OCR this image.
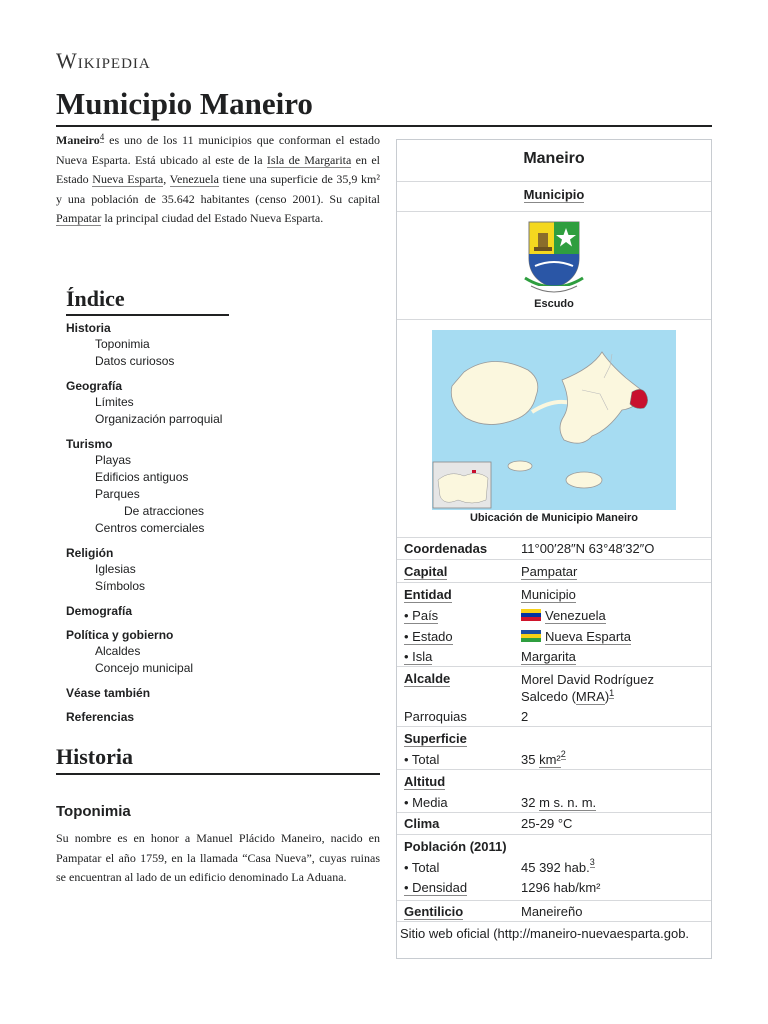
Wikipedia
Municipio Maneiro

Maneiro$^4$ es uno de los 11 municipios que conforman el estado Nueva Esparta. Está ubicado al este de la Isla de Margarita en el Estado Nueva Esparta, Venezuela tiene una superficie de 35,9 km² y una población de 35.642 habitantes (censo 2001). Su capital Pampatar la principal ciudad del Estado Nueva Esparta.

Índice
Historia
Toponimia
Datos curiosos
Geografía
Límites
Organización parroquial
Turismo
Playas
Edificios antiguos
Parques
De atracciones
Centros comerciales
Religión
Iglesias
Símbolos
Demografía
Política y gobierno
Alcaldes
Concejo municipal
Véase también
Referencias
Historia
Toponimia

Su nombre es en honor a Manuel Plácido Maneiro, nacido en Pampatar el año 1759, en la llamada “Casa Nueva”, cuyas ruinas se encuentran al lado de un edificio denominado La Aduana.

Maneiro
Municipio
Escudo
Ubicación de Municipio Maneiro
Coordenadas	11°00′28″N 63°48′32″O
Capital	Pampatar
Entidad	Municipio
• País	Venezuela
• Estado	Nueva Esparta
• Isla	Margarita
Alcalde	Morel David Rodríguez
Salcedo (MRA)$^1$
Parroquias	2
Superficie
• Total	35 km²$^2$
Altitud
• Media	32 m s. n. m.
Clima	25-29 °C
Población (2011)
• Total	45 392 hab.$^3$
• Densidad	1296 hab/km²
Gentilicio	Maneireño
Sitio web oficial (http://maneiro-nuevaesparta.gob.
